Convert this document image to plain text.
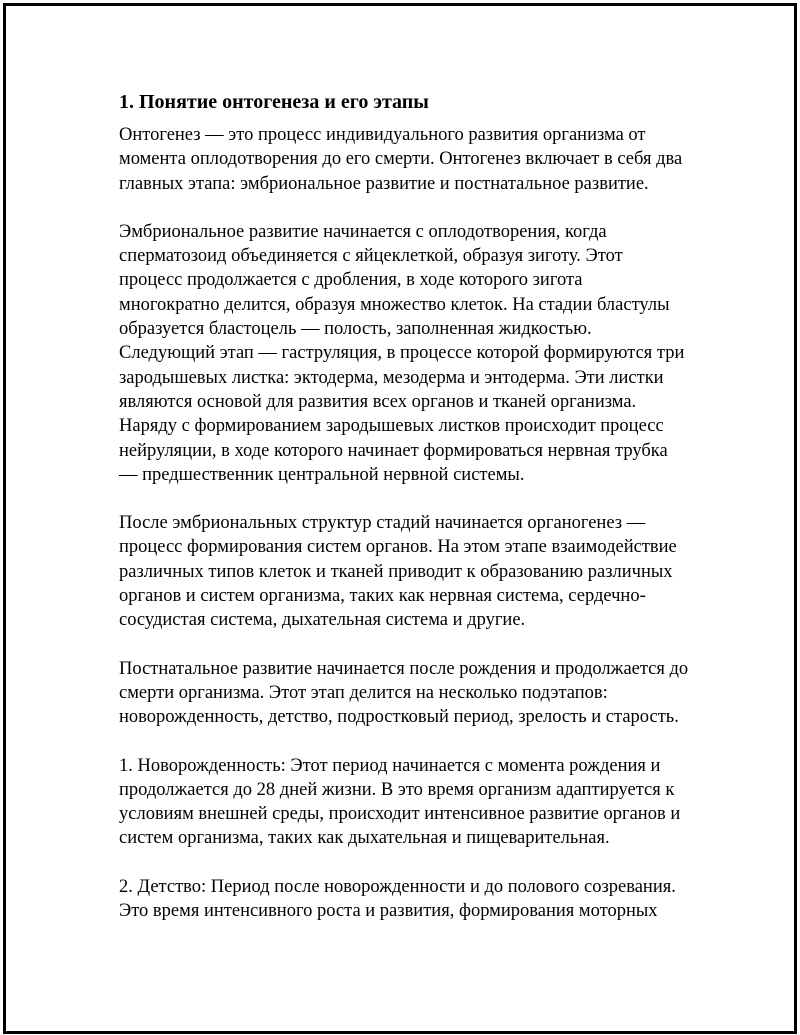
1. Понятие онтогенеза и его этапы

Онтогенез — это процесс индивидуального развития организма от
момента оплодотворения до его смерти. Онтогенез включает в себя два
главных этапа: эмбриональное развитие и постнатальное развитие.

Эмбриональное развитие начинается с оплодотворения, когда
сперматозоид объединяется с яйцеклеткой, образуя зиготу. Этот
процесс продолжается с дробления, в ходе которого зигота
многократно делится, образуя множество клеток. На стадии бластулы
образуется бластоцель — полость, заполненная жидкостью.
Следующий этап — гаструляция, в процессе которой формируются три
зародышевых листка: эктодерма, мезодерма и энтодерма. Эти листки
являются основой для развития всех органов и тканей организма.
Наряду с формированием зародышевых листков происходит процесс
нейруляции, в ходе которого начинает формироваться нервная трубка
— предшественник центральной нервной системы.

После эмбриональных структур стадий начинается органогенез —
процесс формирования систем органов. На этом этапе взаимодействие
различных типов клеток и тканей приводит к образованию различных
органов и систем организма, таких как нервная система, сердечно-
сосудистая система, дыхательная система и другие.

Постнатальное развитие начинается после рождения и продолжается до
смерти организма. Этот этап делится на несколько подэтапов:
новорожденность, детство, подростковый период, зрелость и старость.

1. Новорожденность: Этот период начинается с момента рождения и
продолжается до 28 дней жизни. В это время организм адаптируется к
условиям внешней среды, происходит интенсивное развитие органов и
систем организма, таких как дыхательная и пищеварительная.

2. Детство: Период после новорожденности и до полового созревания.
Это время интенсивного роста и развития, формирования моторных
